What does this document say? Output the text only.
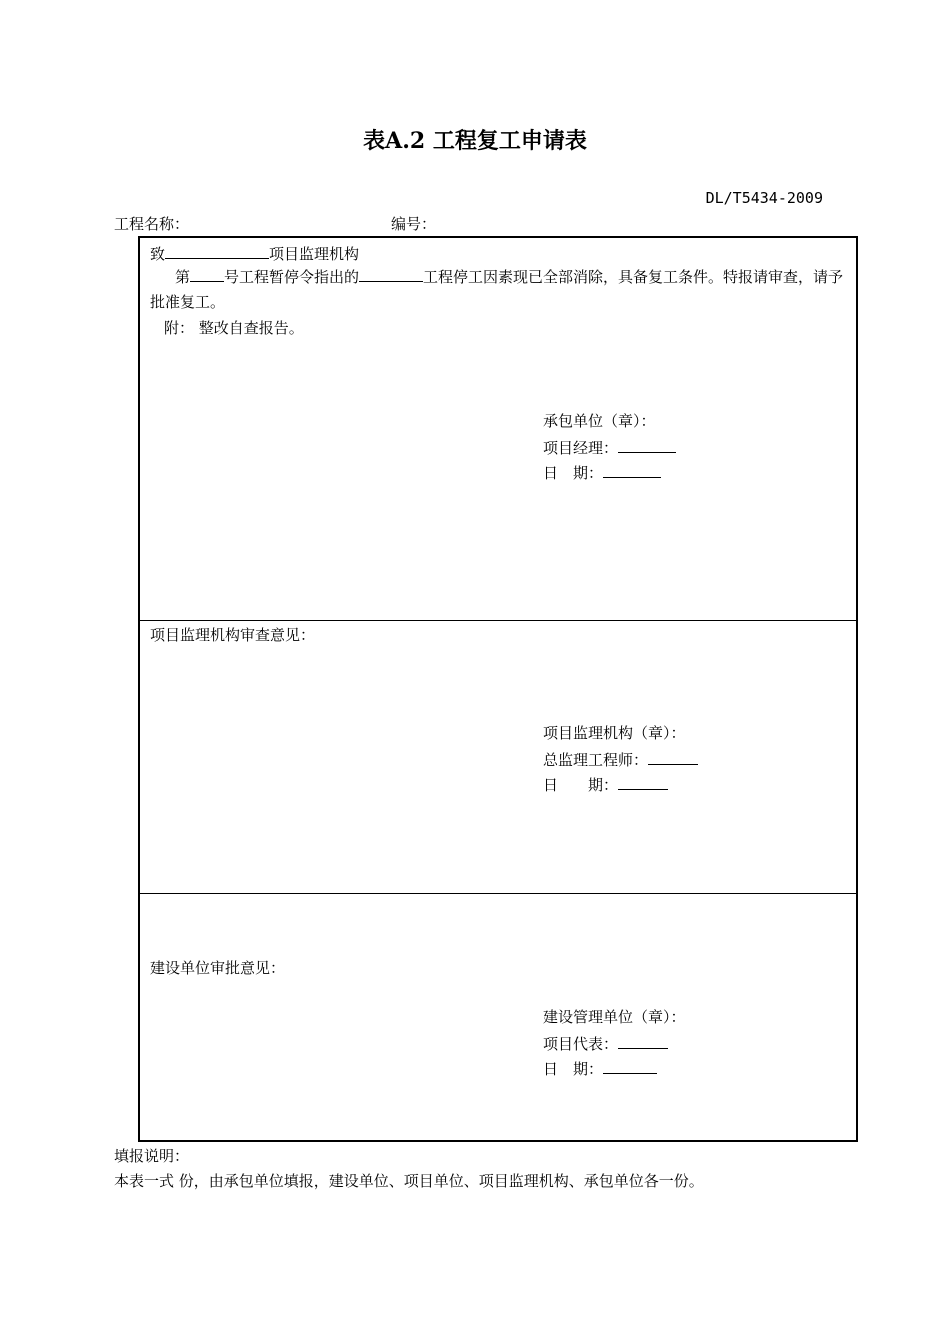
表A.2 工程复工申请表
DL/T5434-2009
工程名称：	编号：
致	项目监理机构
第 号工程暂停令指出的	工程停工因素现已全部消除，具备复工条件。特报请审查，请予批准复工。
附： 整改自查报告。
承包单位（章）：
项目经理：
日　期：
项目监理机构审查意见：
项目监理机构（章）：
总监理工程师：
日　　期：
建设单位审批意见：
建设管理单位（章）：
项目代表：
日　期：
填报说明：
本表一式 份，由承包单位填报，建设单位、项目单位、项目监理机构、承包单位各一份。
